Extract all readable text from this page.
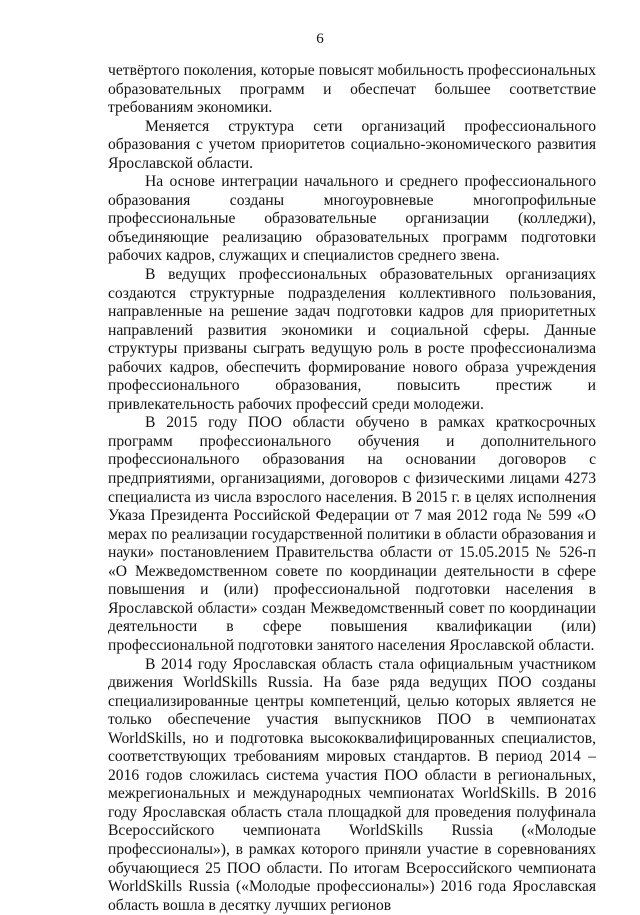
6

четвёртого поколения, которые повысят мобильность профессиональных образовательных программ и обеспечат большее соответствие требованиям экономики.

Меняется структура сети организаций профессионального образования с учетом приоритетов социально-экономического развития Ярославской области.

На основе интеграции начального и среднего профессионального образования созданы многоуровневые многопрофильные профессиональные образовательные организации (колледжи), объединяющие реализацию образовательных программ подготовки рабочих кадров, служащих и специалистов среднего звена.

В ведущих профессиональных образовательных организациях создаются структурные подразделения коллективного пользования, направленные на решение задач подготовки кадров для приоритетных направлений развития экономики и социальной сферы. Данные структуры призваны сыграть ведущую роль в росте профессионализма рабочих кадров, обеспечить формирование нового образа учреждения профессионального образования, повысить престиж и привлекательность рабочих профессий среди молодежи.

В 2015 году ПОО области обучено в рамках краткосрочных программ профессионального обучения и дополнительного профессионального образования на основании договоров с предприятиями, организациями, договоров с физическими лицами 4273 специалиста из числа взрослого населения. В 2015 г. в целях исполнения Указа Президента Российской Федерации от 7 мая 2012 года № 599 «О мерах по реализации государственной политики в области образования и науки» постановлением Правительства области от 15.05.2015 № 526-п «О Межведомственном совете по координации деятельности в сфере повышения и (или) профессиональной подготовки населения в Ярославской области» создан Межведомственный совет по координации деятельности в сфере повышения квалификации (или) профессиональной подготовки занятого населения Ярославской области.

В 2014 году Ярославская область стала официальным участником движения WorldSkills Russia. На базе ряда ведущих ПОО созданы специализированные центры компетенций, целью которых является не только обеспечение участия выпускников ПОО в чемпионатах WorldSkills, но и подготовка высококвалифицированных специалистов, соответствующих требованиям мировых стандартов. В период 2014 – 2016 годов сложилась система участия ПОО области в региональных, межрегиональных и международных чемпионатах WorldSkills. В 2016 году Ярославская область стала площадкой для проведения полуфинала Всероссийского чемпионата WorldSkills Russia («Молодые профессионалы»), в рамках которого приняли участие в соревнованиях обучающиеся 25 ПОО области. По итогам Всероссийского чемпионата WorldSkills Russia («Молодые профессионалы») 2016 года Ярославская область вошла в десятку лучших регионов
